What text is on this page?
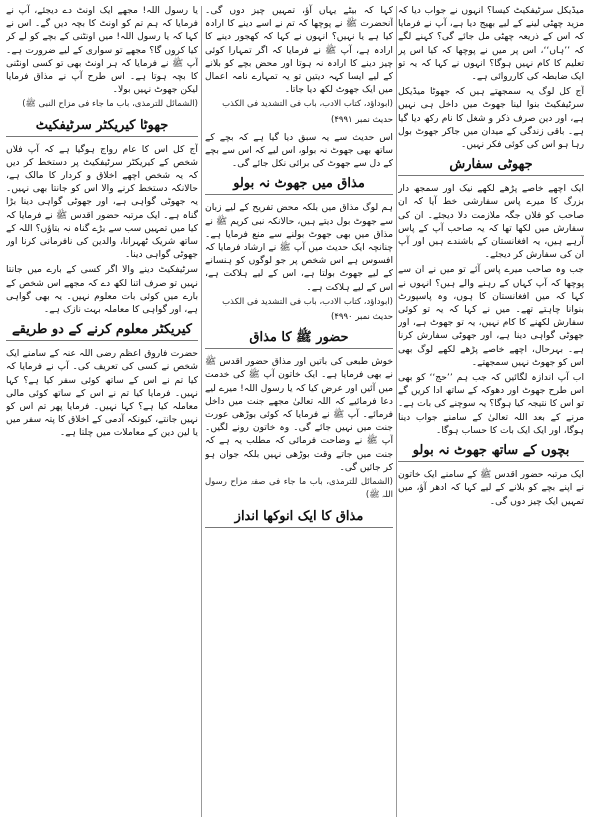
میڈیکل سرٹیفکیٹ کیسا؟ انہوں نے جواب دیا کہ مزید چھٹی لینے کے لیے بھیج دیا ہے، آپ نے فرمایا کہ اس کے ذریعہ چھٹی مل جائے گی؟ کہنے لگے کہ ’’ہاں‘‘، اس پر میں نے پوچھا کہ کیا اس پر تعلیم کا کام نہیں ہوگا؟ انہوں نے کہا کہ یہ تو ایک ضابطہ کی کارروائی ہے۔

آج کل لوگ یہ سمجھتے ہیں کہ جھوٹا میڈیکل سرٹیفکیٹ بنوا لینا جھوٹ میں داخل ہی نہیں ہے، اور دین صرف ذکر و شغل کا نام رکھ دیا گیا ہے۔ باقی زندگی کے میدان میں جاکر جھوٹ بول رہا ہو اس کی کوئی فکر نہیں۔

جھوٹی سفارش

ایک اچھے خاصے پڑھے لکھے نیک اور سمجھ دار بزرگ کا میرے پاس سفارشی خط آیا کہ ان صاحب کو فلاں جگہ ملازمت دلا دیجئے۔ ان کی سفارش میں لکھا تھا کہ یہ صاحب آپ کے پاس آرہے ہیں، یہ افغانستان کے باشندے ہیں اور آپ ان کی سفارش کر دیجئے۔

جب وہ صاحب میرے پاس آئے تو میں نے ان سے پوچھا کہ آپ کہاں کے رہنے والے ہیں؟ انہوں نے کہا کہ میں افغانستان کا ہوں، وہ پاسپورٹ بنوانا چاہتے تھے۔ میں نے کہا کہ یہ تو کوئی سفارش لکھنے کا کام نہیں، یہ تو جھوٹ ہے، اور جھوٹی گواہی دینا ہے، اور جھوٹی سفارش کرنا ہے۔ بہرحال، اچھے خاصے پڑھے لکھے لوگ بھی اس کو جھوٹ نہیں سمجھتے۔

اب آپ اندازہ لگائیں کہ جب ہم ’’حج‘‘ کو بھی اس طرح جھوٹ اور دھوکہ کے ساتھ ادا کریں گے تو اس کا نتیجہ کیا ہوگا؟ یہ سوچنے کی بات ہے۔ مرنے کے بعد اللہ تعالیٰ کے سامنے جواب دینا ہوگا، اور ایک ایک بات کا حساب ہوگا۔

بچوں کے ساتھ جھوٹ نہ بولو

ایک مرتبہ حضور اقدس ﷺ کے سامنے ایک خاتون نے اپنے بچے کو بلانے کے لیے کہا کہ ادھر آؤ، میں تمہیں ایک چیز دوں گی۔

کہا کہ بیٹے یہاں آؤ، تمہیں چیز دوں گی۔ آنحضرت ﷺ نے پوچھا کہ تم نے اسے دینے کا ارادہ کیا ہے یا نہیں؟ انہوں نے کہا کہ کھجور دینے کا ارادہ ہے، آپ ﷺ نے فرمایا کہ اگر تمہارا کوئی چیز دینے کا ارادہ نہ ہوتا اور محض بچے کو بلانے کے لیے ایسا کہہ دیتیں تو یہ تمہارے نامہ اعمال میں ایک جھوٹ لکھ دیا جاتا۔

(ابوداؤد، کتاب الادب، باب فی التشدید فی الکذب
حدیث نمبر ۴۹۹۱)

اس حدیث سے یہ سبق دیا گیا ہے کہ بچے کے ساتھ بھی جھوٹ نہ بولو، اس لیے کہ اس سے بچے کے دل سے جھوٹ کی برائی نکل جائے گی۔

مذاق میں جھوٹ نہ بولو

ہم لوگ مذاق میں بلکہ محض تفریح کے لیے زبان سے جھوٹ بول دیتے ہیں، حالانکہ نبی کریم ﷺ نے مذاق میں بھی جھوٹ بولنے سے منع فرمایا ہے۔ چنانچہ ایک حدیث میں آپ ﷺ نے ارشاد فرمایا کہ افسوس ہے اس شخص پر جو لوگوں کو ہنسانے کے لیے جھوٹ بولتا ہے، اس کے لیے ہلاکت ہے، اس کے لیے ہلاکت ہے۔

(ابوداؤد، کتاب الادب، باب فی التشدید فی الکذب
حدیث نمبر ۴۹۹۰)
حضور ﷺ کا مذاق

خوش طبعی کی باتیں اور مذاق حضور اقدس ﷺ نے بھی فرمایا ہے۔ ایک خاتون آپ ﷺ کی خدمت میں آئیں اور عرض کیا کہ یا رسول اللہ! میرے لیے دعا فرمائیے کہ اللہ تعالیٰ مجھے جنت میں داخل فرمائے۔ آپ ﷺ نے فرمایا کہ کوئی بوڑھی عورت جنت میں نہیں جائے گی۔ وہ خاتون رونے لگیں۔ آپ ﷺ نے وضاحت فرمائی کہ مطلب یہ ہے کہ جنت میں جاتے وقت بوڑھی نہیں بلکہ جوان ہو کر جائیں گی۔

(الشمائل للترمذی، باب ما جاء فی صفۃ مزاح رسول اللہ ﷺ)
مذاق کا ایک انوکھا انداز

یا رسول اللہ! مجھے ایک اونٹ دے دیجئے، آپ نے فرمایا کہ ہم تم کو اونٹ کا بچہ دیں گے۔ اس نے کہا کہ یا رسول اللہ! میں اونٹنی کے بچے کو لے کر کیا کروں گا؟ مجھے تو سواری کے لیے ضرورت ہے۔ آپ ﷺ نے فرمایا کہ ہر اونٹ بھی تو کسی اونٹنی کا بچہ ہوتا ہے۔ اس طرح آپ نے مذاق فرمایا لیکن جھوٹ نہیں بولا۔

(الشمائل للترمذی، باب ما جاء فی مزاح النبی ﷺ)
جھوٹا کیریکٹر سرٹیفکیٹ

آج کل اس کا عام رواج ہوگیا ہے کہ آپ فلاں شخص کے کیریکٹر سرٹیفکیٹ پر دستخط کر دیں کہ یہ شخص اچھے اخلاق و کردار کا مالک ہے، حالانکہ دستخط کرنے والا اس کو جانتا بھی نہیں۔ یہ جھوٹی گواہی ہے، اور جھوٹی گواہی دینا بڑا گناہ ہے۔ ایک مرتبہ حضور اقدس ﷺ نے فرمایا کہ کیا میں تمہیں سب سے بڑے گناہ نہ بتاؤں؟ اللہ کے ساتھ شریک ٹھہرانا، والدین کی نافرمانی کرنا اور جھوٹی گواہی دینا۔

سرٹیفکیٹ دینے والا اگر کسی کے بارے میں جانتا نہیں تو صرف اتنا لکھ دے کہ مجھے اس شخص کے بارے میں کوئی بات معلوم نہیں۔ یہ بھی گواہی ہے، اور گواہی کا معاملہ بہت نازک ہے۔

کیریکٹر معلوم کرنے کے دو طریقے

حضرت فاروق اعظم رضی اللہ عنہ کے سامنے ایک شخص نے کسی کی تعریف کی۔ آپ نے فرمایا کہ کیا تم نے اس کے ساتھ کوئی سفر کیا ہے؟ کہا نہیں۔ فرمایا کیا تم نے اس کے ساتھ کوئی مالی معاملہ کیا ہے؟ کہا نہیں۔ فرمایا پھر تم اس کو نہیں جانتے، کیونکہ آدمی کے اخلاق کا پتہ سفر میں یا لین دین کے معاملات میں چلتا ہے۔
